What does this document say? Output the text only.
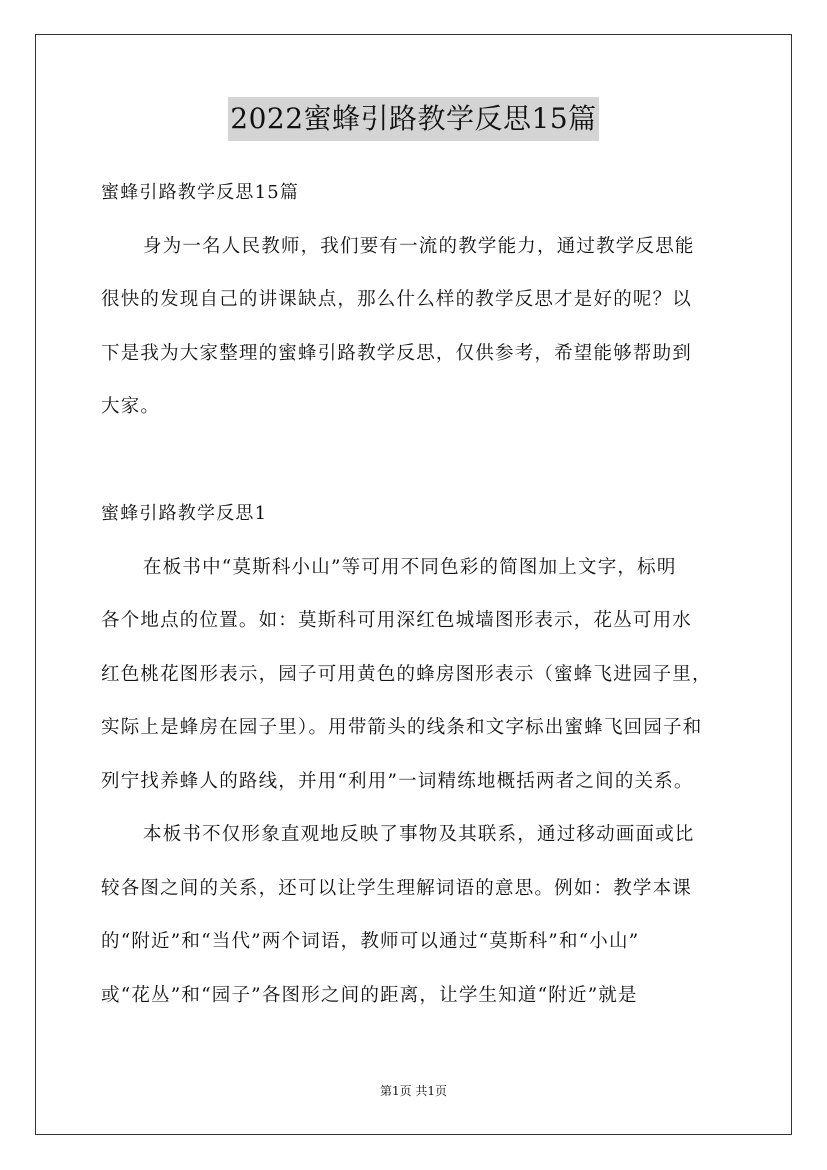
2022蜜蜂引路教学反思15篇
蜜蜂引路教学反思15篇
身为一名人民教师，我们要有一流的教学能力，通过教学反思能
很快的发现自己的讲课缺点，那么什么样的教学反思才是好的呢？以
下是我为大家整理的蜜蜂引路教学反思，仅供参考，希望能够帮助到
大家。
蜜蜂引路教学反思1
在板书中“莫斯科小山”等可用不同色彩的简图加上文字，标明
各个地点的位置。如：莫斯科可用深红色城墙图形表示，花丛可用水
红色桃花图形表示，园子可用黄色的蜂房图形表示（蜜蜂飞进园子里，
实际上是蜂房在园子里）。用带箭头的线条和文字标出蜜蜂飞回园子和
列宁找养蜂人的路线，并用“利用”一词精练地概括两者之间的关系。
本板书不仅形象直观地反映了事物及其联系，通过移动画面或比
较各图之间的关系，还可以让学生理解词语的意思。例如：教学本课
的“附近”和“当代”两个词语，教师可以通过“莫斯科”和“小山”
或“花丛”和“园子”各图形之间的距离，让学生知道“附近”就是
第1页 共1页
